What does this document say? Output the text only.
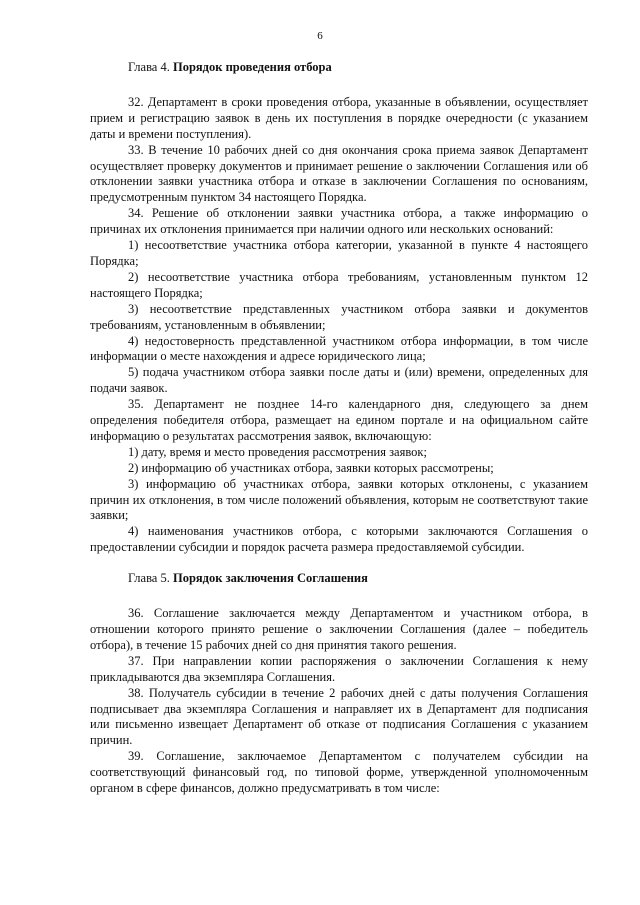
6

Глава 4. Порядок проведения отбора

32. Департамент в сроки проведения отбора, указанные в объявлении, осуществляет прием и регистрацию заявок в день их поступления в порядке очередности (с указанием даты и времени поступления).

33. В течение 10 рабочих дней со дня окончания срока приема заявок Департамент осуществляет проверку документов и принимает решение о заключении Соглашения или об отклонении заявки участника отбора и отказе в заключении Соглашения по основаниям, предусмотренным пунктом 34 настоящего Порядка.

34. Решение об отклонении заявки участника отбора, а также информацию о причинах их отклонения принимается при наличии одного или нескольких оснований:

1) несоответствие участника отбора категории, указанной в пункте 4 настоящего Порядка;

2) несоответствие участника отбора требованиям, установленным пунктом 12 настоящего Порядка;

3) несоответствие представленных участником отбора заявки и документов требованиям, установленным в объявлении;

4) недостоверность представленной участником отбора информации, в том числе информации о месте нахождения и адресе юридического лица;

5) подача участником отбора заявки после даты и (или) времени, определенных для подачи заявок.

35. Департамент не позднее 14-го календарного дня, следующего за днем определения победителя отбора, размещает на едином портале и на официальном сайте информацию о результатах рассмотрения заявок, включающую:

1) дату, время и место проведения рассмотрения заявок;

2) информацию об участниках отбора, заявки которых рассмотрены;

3) информацию об участниках отбора, заявки которых отклонены, с указанием причин их отклонения, в том числе положений объявления, которым не соответствуют такие заявки;

4) наименования участников отбора, с которыми заключаются Соглашения о предоставлении субсидии и порядок расчета размера предоставляемой субсидии.

Глава 5. Порядок заключения Соглашения

36. Соглашение заключается между Департаментом и участником отбора, в отношении которого принято решение о заключении Соглашения (далее – победитель отбора), в течение 15 рабочих дней со дня принятия такого решения.

37. При направлении копии распоряжения о заключении Соглашения к нему прикладываются два экземпляра Соглашения.

38. Получатель субсидии в течение 2 рабочих дней с даты получения Соглашения подписывает два экземпляра Соглашения и направляет их в Департамент для подписания или письменно извещает Департамент об отказе от подписания Соглашения с указанием причин.

39. Соглашение, заключаемое Департаментом с получателем субсидии на соответствующий финансовый год, по типовой форме, утвержденной уполномоченным органом в сфере финансов, должно предусматривать в том числе:
